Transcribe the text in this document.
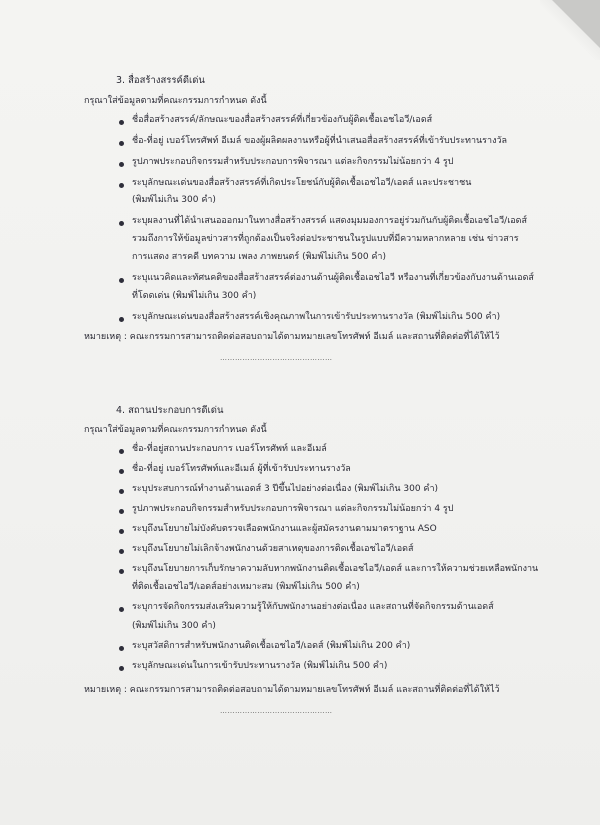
3. สื่อสร้างสรรค์ดีเด่น
กรุณาใส่ข้อมูลตามที่คณะกรรมการกำหนด ดังนี้
ชื่อสื่อสร้างสรรค์/ลักษณะของสื่อสร้างสรรค์ที่เกี่ยวข้องกับผู้ติดเชื้อเอชไอวี/เอดส์
ชื่อ-ที่อยู่ เบอร์โทรศัพท์ อีเมล์ ของผู้ผลิตผลงานหรือผู้ที่นำเสนอสื่อสร้างสรรค์ที่เข้ารับประทานรางวัล
รูปภาพประกอบกิจกรรมสำหรับประกอบการพิจารณา แต่ละกิจกรรมไม่น้อยกว่า 4 รูป
ระบุลักษณะเด่นของสื่อสร้างสรรค์ที่เกิดประโยชน์กับผู้ติดเชื้อเอชไอวี/เอดส์ และประชาชน
(พิมพ์ไม่เกิน 300 คำ)
ระบุผลงานที่ได้นำเสนอออกมาในทางสื่อสร้างสรรค์ แสดงมุมมองการอยู่ร่วมกันกับผู้ติดเชื้อเอชไอวี/เอดส์
รวมถึงการให้ข้อมูลข่าวสารที่ถูกต้องเป็นจริงต่อประชาชนในรูปแบบที่มีความหลากหลาย เช่น ข่าวสาร
การแสดง สารคดี บทความ เพลง ภาพยนตร์ (พิมพ์ไม่เกิน 500 คำ)
ระบุแนวคิดและทัศนคติของสื่อสร้างสรรค์ต่องานด้านผู้ติดเชื้อเอชไอวี หรืองานที่เกี่ยวข้องกับงานด้านเอดส์
ที่โดดเด่น (พิมพ์ไม่เกิน 300 คำ)
ระบุลักษณะเด่นของสื่อสร้างสรรค์เชิงคุณภาพในการเข้ารับประทานรางวัล (พิมพ์ไม่เกิน 500 คำ)
หมายเหตุ : คณะกรรมการสามารถติดต่อสอบถามได้ตามหมายเลขโทรศัพท์ อีเมล์ และสถานที่ติดต่อที่ได้ให้ไว้
………………………………………
4. สถานประกอบการดีเด่น
กรุณาใส่ข้อมูลตามที่คณะกรรมการกำหนด ดังนี้
ชื่อ-ที่อยู่สถานประกอบการ เบอร์โทรศัพท์ และอีเมล์
ชื่อ-ที่อยู่ เบอร์โทรศัพท์และอีเมล์ ผู้ที่เข้ารับประทานรางวัล
ระบุประสบการณ์ทำงานด้านเอดส์ 3 ปีขึ้นไปอย่างต่อเนื่อง (พิมพ์ไม่เกิน 300 คำ)
รูปภาพประกอบกิจกรรมสำหรับประกอบการพิจารณา แต่ละกิจกรรมไม่น้อยกว่า 4 รูป
ระบุถึงนโยบายไม่บังคับตรวจเลือดพนักงานและผู้สมัครงานตามมาตราฐาน ASO
ระบุถึงนโยบายไม่เลิกจ้างพนักงานด้วยสาเหตุของการติดเชื้อเอชไอวี/เอดส์
ระบุถึงนโยบายการเก็บรักษาความลับหากพนักงานติดเชื้อเอชไอวี/เอดส์ และการให้ความช่วยเหลือพนักงาน
ที่ติดเชื้อเอชไอวี/เอดส์อย่างเหมาะสม (พิมพ์ไม่เกิน 500 คำ)
ระบุการจัดกิจกรรมส่งเสริมความรู้ให้กับพนักงานอย่างต่อเนื่อง และสถานที่จัดกิจกรรมด้านเอดส์
(พิมพ์ไม่เกิน 300 คำ)
ระบุสวัสดิการสำหรับพนักงานติดเชื้อเอชไอวี/เอดส์ (พิมพ์ไม่เกิน 200 คำ)
ระบุลักษณะเด่นในการเข้ารับประทานรางวัล (พิมพ์ไม่เกิน 500 คำ)
หมายเหตุ : คณะกรรมการสามารถติดต่อสอบถามได้ตามหมายเลขโทรศัพท์ อีเมล์ และสถานที่ติดต่อที่ได้ให้ไว้
………………………………………
